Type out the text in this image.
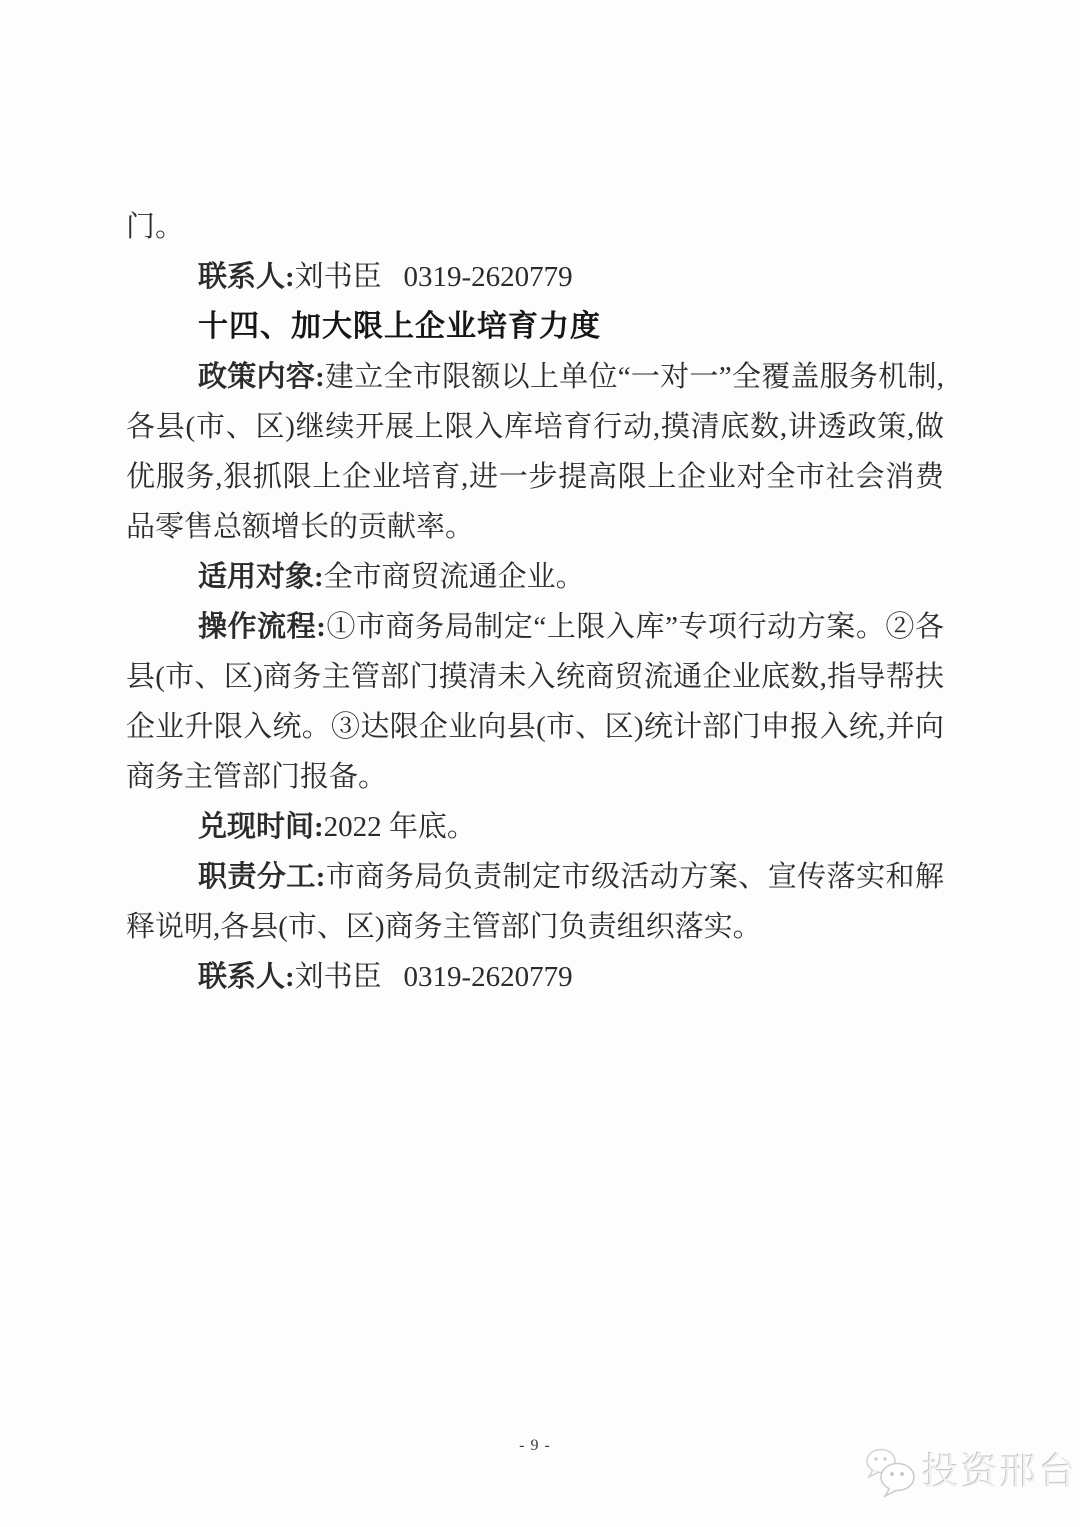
门。

联系人:刘书臣 0319-2620779

十四、加大限上企业培育力度

政策内容:建立全市限额以上单位“一对一”全覆盖服务机制,各县(市、区)继续开展上限入库培育行动,摸清底数,讲透政策,做优服务,狠抓限上企业培育,进一步提高限上企业对全市社会消费品零售总额增长的贡献率。

适用对象:全市商贸流通企业。

操作流程:①市商务局制定“上限入库”专项行动方案。②各县(市、区)商务主管部门摸清未入统商贸流通企业底数,指导帮扶企业升限入统。③达限企业向县(市、区)统计部门申报入统,并向商务主管部门报备。

兑现时间:2022 年底。

职责分工:市商务局负责制定市级活动方案、宣传落实和解释说明,各县(市、区)商务主管部门负责组织落实。

联系人:刘书臣 0319-2620779

- 9 -
投资邢台
